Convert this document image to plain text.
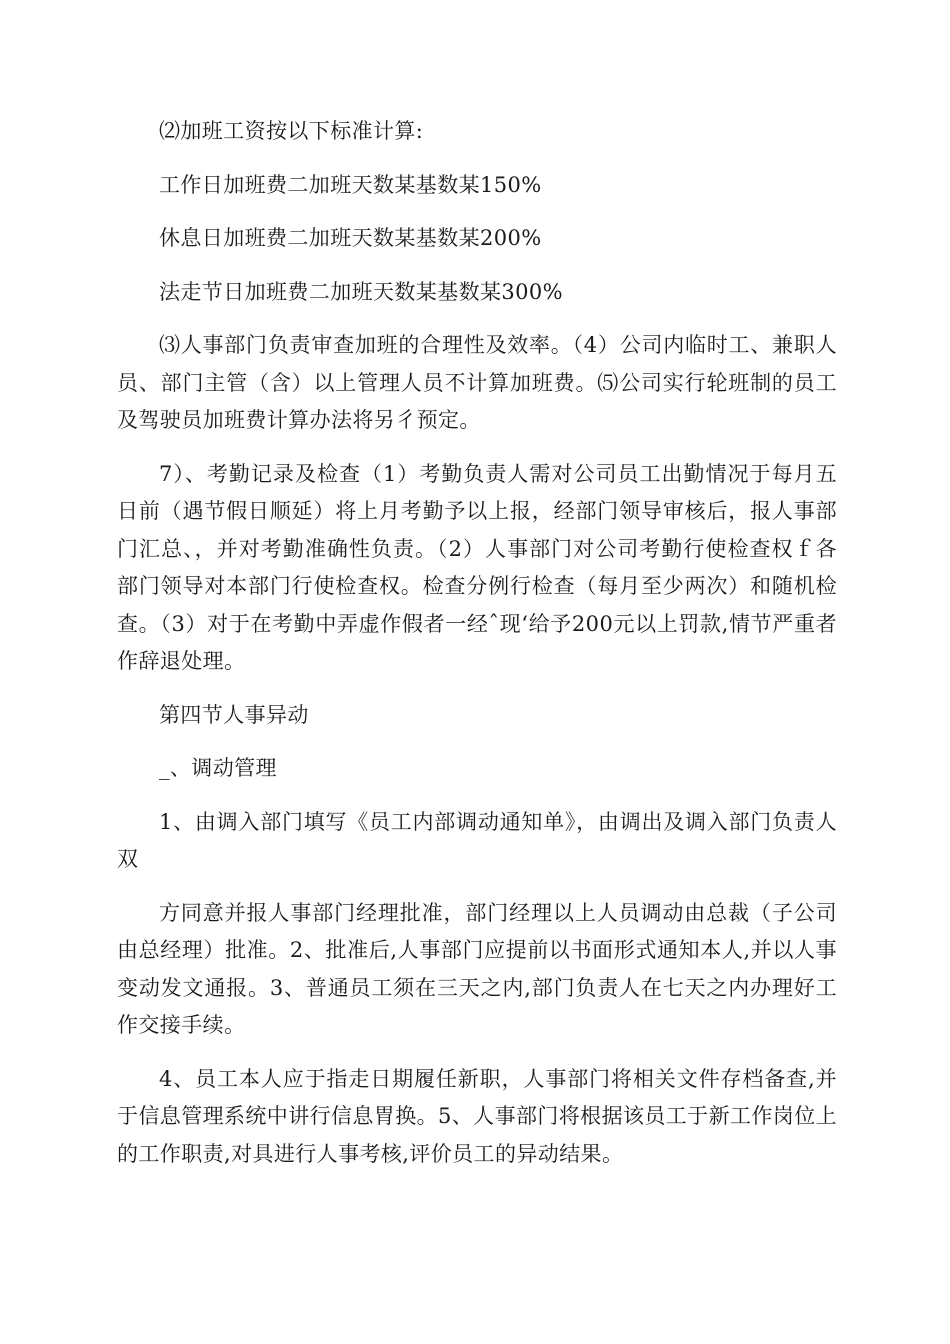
⑵加班工资按以下标准计算:

工作日加班费二加班天数某基数某150%

休息日加班费二加班天数某基数某200%

法走节日加班费二加班天数某基数某300%

⑶人事部门负责审查加班的合理性及效率。（4）公司内临时工、兼职人员、部门主管（含）以上管理人员不计算加班费。⑸公司实行轮班制的员工及驾驶员加班费计算办法将另彳预定。

7）、考勤记录及检查（1）考勤负责人需对公司员工出勤情况于每月五日前（遇节假日顺延）将上月考勤予以上报，经部门领导审核后，报人事部门汇总、，并对考勤准确性负责。（2）人事部门对公司考勤行使检查权ｆ各部门领导对本部门行使检查权。检查分例行检查（每月至少两次）和随机检查。（3）对于在考勤中弄虚作假者一经ˆ现‘给予200元以上罚款,情节严重者作辞退处理。

第四节人事异动

_、调动管理

1、由调入部门填写《员工内部调动通知单》，由调出及调入部门负责人双

方同意并报人事部门经理批准，部门经理以上人员调动由总裁（子公司由总经理）批准。2、批准后,人事部门应提前以书面形式通知本人,并以人事变动发文通报。3、普通员工须在三天之内,部门负责人在七天之内办理好工作交接手续。

4、员工本人应于指走日期履任新职，人事部门将相关文件存档备查,并于信息管理系统中讲行信息胃换。5、人事部门将根据该员工于新工作岗位上的工作职责,对具进行人事考核,评价员工的异动结果。
